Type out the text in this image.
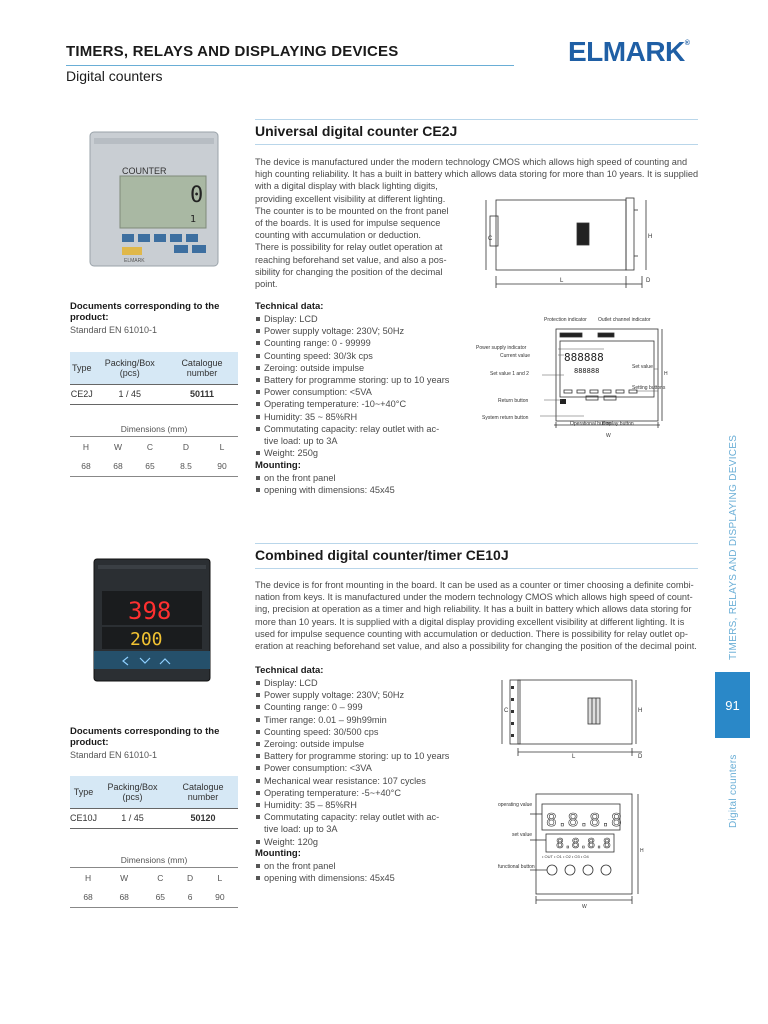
TIMERS, RELAYS AND DISPLAYING DEVICES
Digital counters
ELMARK®
Universal digital counter CE2J
COUNTER
0
1
ELMARK
The device is manufactured under the modern technology CMOS which allows high speed of counting and
high counting reliability. It has a built in battery which allows data storing for more than 10 years. It is supplied
with a digital display with black lighting digits,
providing excellent visibility at different lighting.
The counter is to be mounted on the front panel
of the boards. It is used for impulse sequence
counting with accumulation or deduction.
There is possibility for relay outlet operation at
reaching beforehand set value, and also a pos-
sibility for changing the position of the decimal
point.
C	H
L	D
888888
888888
Protection indicator Outlet channel indicator
Power supply indicator
Current value
Set value 1 and 2
Return button
System return button
Operational button
Display button
Set value
Setting buttons
H
W
Technical data:
Display: LCD
Power supply voltage: 230V; 50Hz
Counting range: 0 - 99999
Counting speed: 30/3k cps
Zeroing: outside impulse
Battery for programme storing: up to 10 years
Power consumption: <5VA
Operating temperature: -10~+40°C
Humidity: 35 ~ 85%RH
Commutating capacity: relay outlet with ac-
tive load: up to 3A
Weight: 250g
Mounting:
on the front panel
opening with dimensions: 45x45
Documents corresponding to the product:
Standard EN 61010-1
Type	Packing/Box (pcs)	Catalogue number
CE2J	1 / 45	50111
Dimensions (mm)
H	W	C	D	L
68	68	65	8.5	90
Combined digital counter/timer CE10J
398
200
The device is for front mounting in the board. It can be used as a counter or timer choosing a definite combi-
nation from keys. It is manufactured under the modern technology CMOS which allows high speed of count-
ing, precision at operation as a timer and high reliability. It has a built in battery which allows data storing for
more than 10 years. It is supplied with a digital display providing excellent visibility at different lighting. It is
used for impulse sequence counting with accumulation or deduction. There is possibility for relay outlet op-
eration at reaching beforehand set value, and also a possibility for changing the position of the decimal point.
Technical data:
Display: LCD
Power supply voltage: 230V; 50Hz
Counting range: 0 – 999
Timer range: 0.01 – 99h99min
Counting speed: 30/500 cps
Zeroing: outside impulse
Battery for programme storing: up to 10 years
Power consumption: <3VA
Mechanical wear resistance: 107 cycles
Operating temperature: -5~+40°C
Humidity: 35 – 85%RH
Commutating capacity: relay outlet with ac-
tive load: up to 3A
Weight: 120g
Mounting:
on the front panel
opening with dimensions: 45x45
C	H
L	D
8.8.8.8
8.8.8.8
• OUT • O1 • O2 • O3 • O4
operating value
set value
functional button
H
W
Documents corresponding to the product:
Standard EN 61010-1
Type	Packing/Box (pcs)	Catalogue number
CE10J	1 / 45	50120
Dimensions (mm)
H	W	C	D	L
68	68	65	6	90
TIMERS, RELAYS AND DISPLAYING DEVICES
91
Digital counters
